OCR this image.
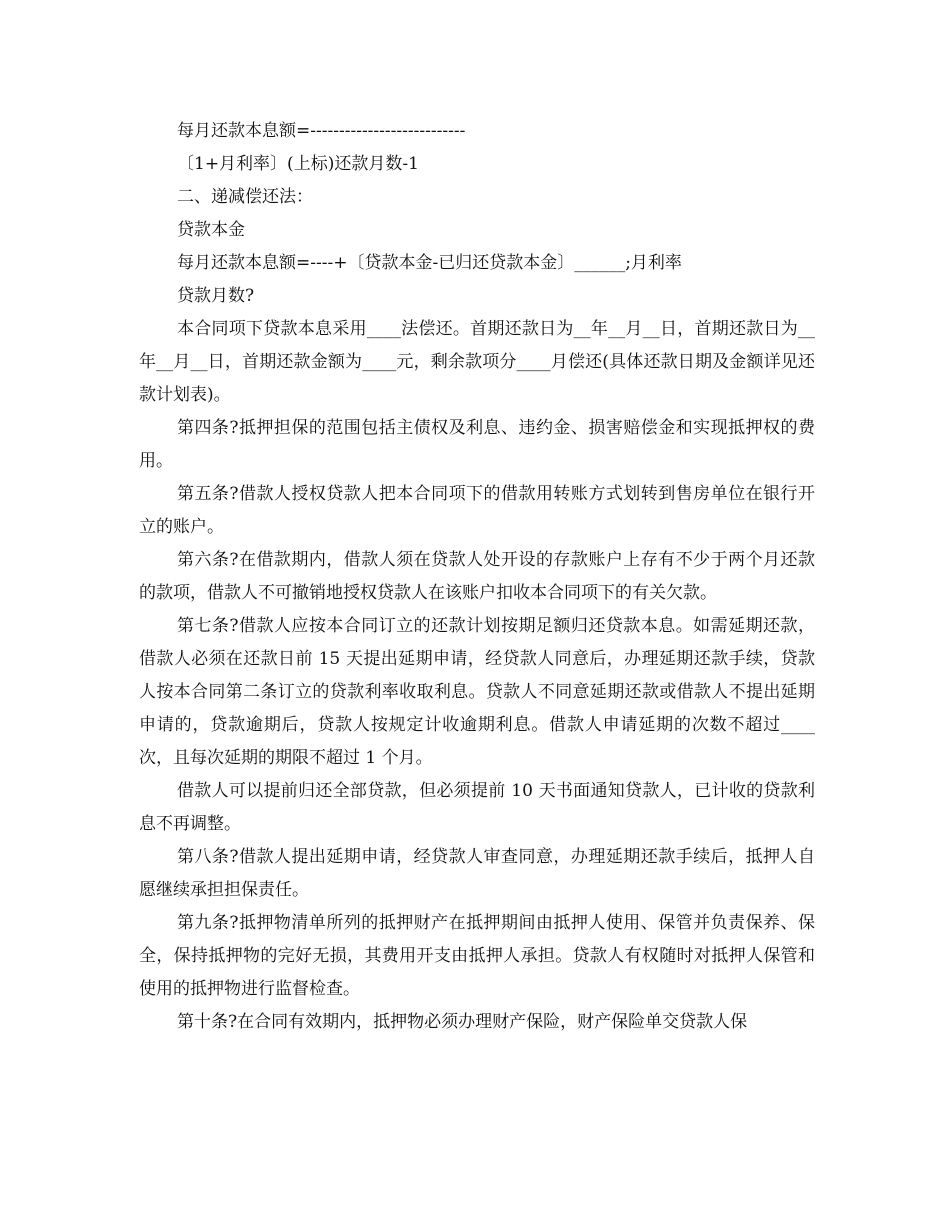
每月还款本息额=---------------------------

〔1+月利率〕(上标)还款月数-1

二、递减偿还法：

贷款本金

每月还款本息额=----+〔贷款本金-已归还贷款本金〕______;月利率

贷款月数?

本合同项下贷款本息采用____法偿还。首期还款日为__年__月__日，首期还款日为__年__月__日，首期还款金额为____元，剩余款项分____月偿还(具体还款日期及金额详见还款计划表)。

第四条?抵押担保的范围包括主债权及利息、违约金、损害赔偿金和实现抵押权的费用。

第五条?借款人授权贷款人把本合同项下的借款用转账方式划转到售房单位在银行开立的账户。

第六条?在借款期内，借款人须在贷款人处开设的存款账户上存有不少于两个月还款的款项，借款人不可撤销地授权贷款人在该账户扣收本合同项下的有关欠款。

第七条?借款人应按本合同订立的还款计划按期足额归还贷款本息。如需延期还款，借款人必须在还款日前 15 天提出延期申请，经贷款人同意后，办理延期还款手续，贷款人按本合同第二条订立的贷款利率收取利息。贷款人不同意延期还款或借款人不提出延期申请的，贷款逾期后，贷款人按规定计收逾期利息。借款人申请延期的次数不超过____次，且每次延期的期限不超过 1 个月。

借款人可以提前归还全部贷款，但必须提前 10 天书面通知贷款人，已计收的贷款利息不再调整。

第八条?借款人提出延期申请，经贷款人审查同意，办理延期还款手续后，抵押人自愿继续承担担保责任。

第九条?抵押物清单所列的抵押财产在抵押期间由抵押人使用、保管并负责保养、保全，保持抵押物的完好无损，其费用开支由抵押人承担。贷款人有权随时对抵押人保管和使用的抵押物进行监督检查。

第十条?在合同有效期内，抵押物必须办理财产保险，财产保险单交贷款人保
